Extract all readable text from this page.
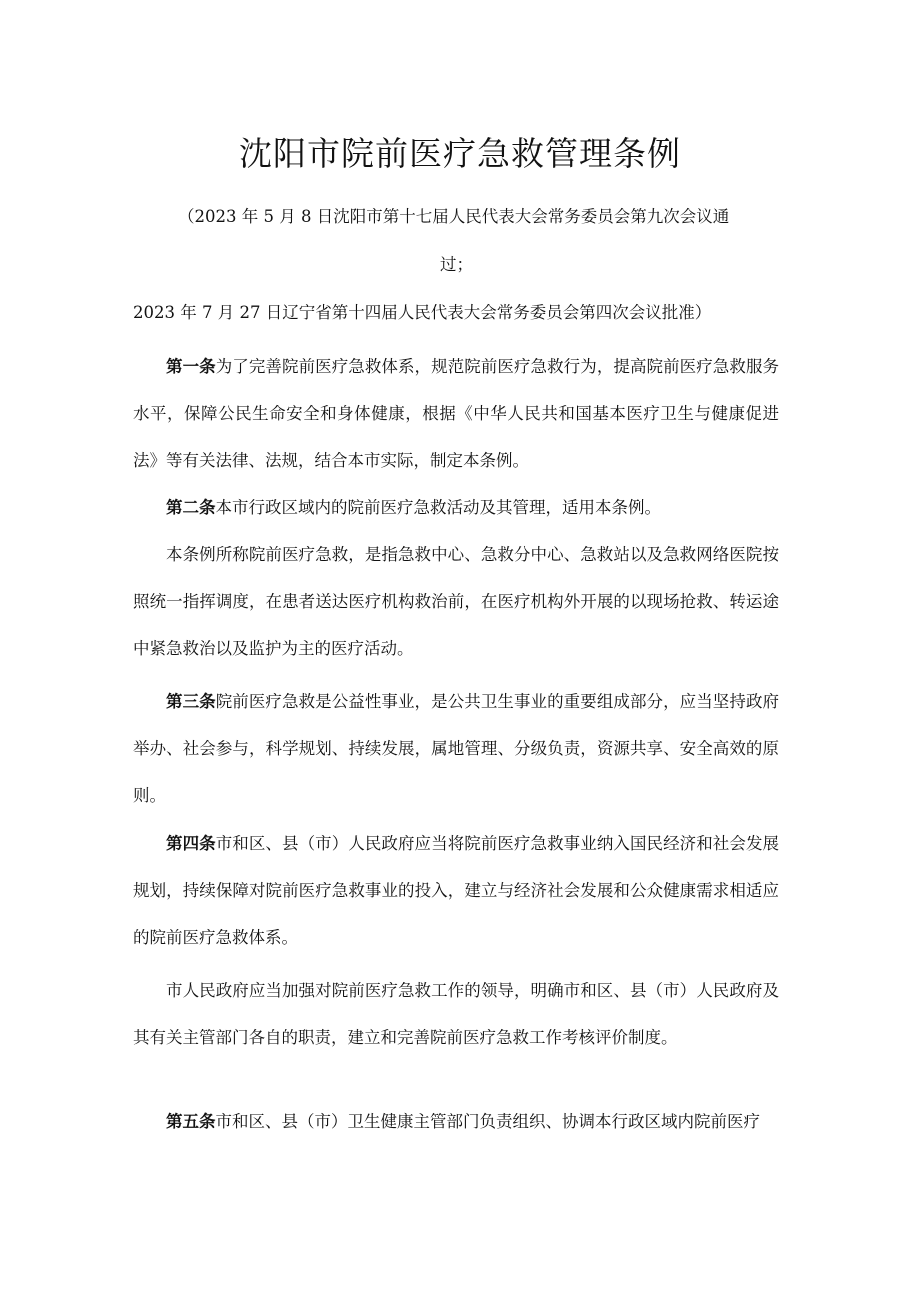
沈阳市院前医疗急救管理条例
（2023 年 5 月 8 日沈阳市第十七届人民代表大会常务委员会第九次会议通
过；
2023 年 7 月 27 日辽宁省第十四届人民代表大会常务委员会第四次会议批准）

第一条为了完善院前医疗急救体系，规范院前医疗急救行为，提高院前医疗急救服务水平，保障公民生命安全和身体健康，根据《中华人民共和国基本医疗卫生与健康促进法》等有关法律、法规，结合本市实际，制定本条例。

第二条本市行政区域内的院前医疗急救活动及其管理，适用本条例。

本条例所称院前医疗急救，是指急救中心、急救分中心、急救站以及急救网络医院按照统一指挥调度，在患者送达医疗机构救治前，在医疗机构外开展的以现场抢救、转运途中紧急救治以及监护为主的医疗活动。

第三条院前医疗急救是公益性事业，是公共卫生事业的重要组成部分，应当坚持政府举办、社会参与，科学规划、持续发展，属地管理、分级负责，资源共享、安全高效的原则。

第四条市和区、县（市）人民政府应当将院前医疗急救事业纳入国民经济和社会发展规划，持续保障对院前医疗急救事业的投入，建立与经济社会发展和公众健康需求相适应的院前医疗急救体系。

市人民政府应当加强对院前医疗急救工作的领导，明确市和区、县（市）人民政府及其有关主管部门各自的职责，建立和完善院前医疗急救工作考核评价制度。

第五条市和区、县（市）卫生健康主管部门负责组织、协调本行政区域内院前医疗
